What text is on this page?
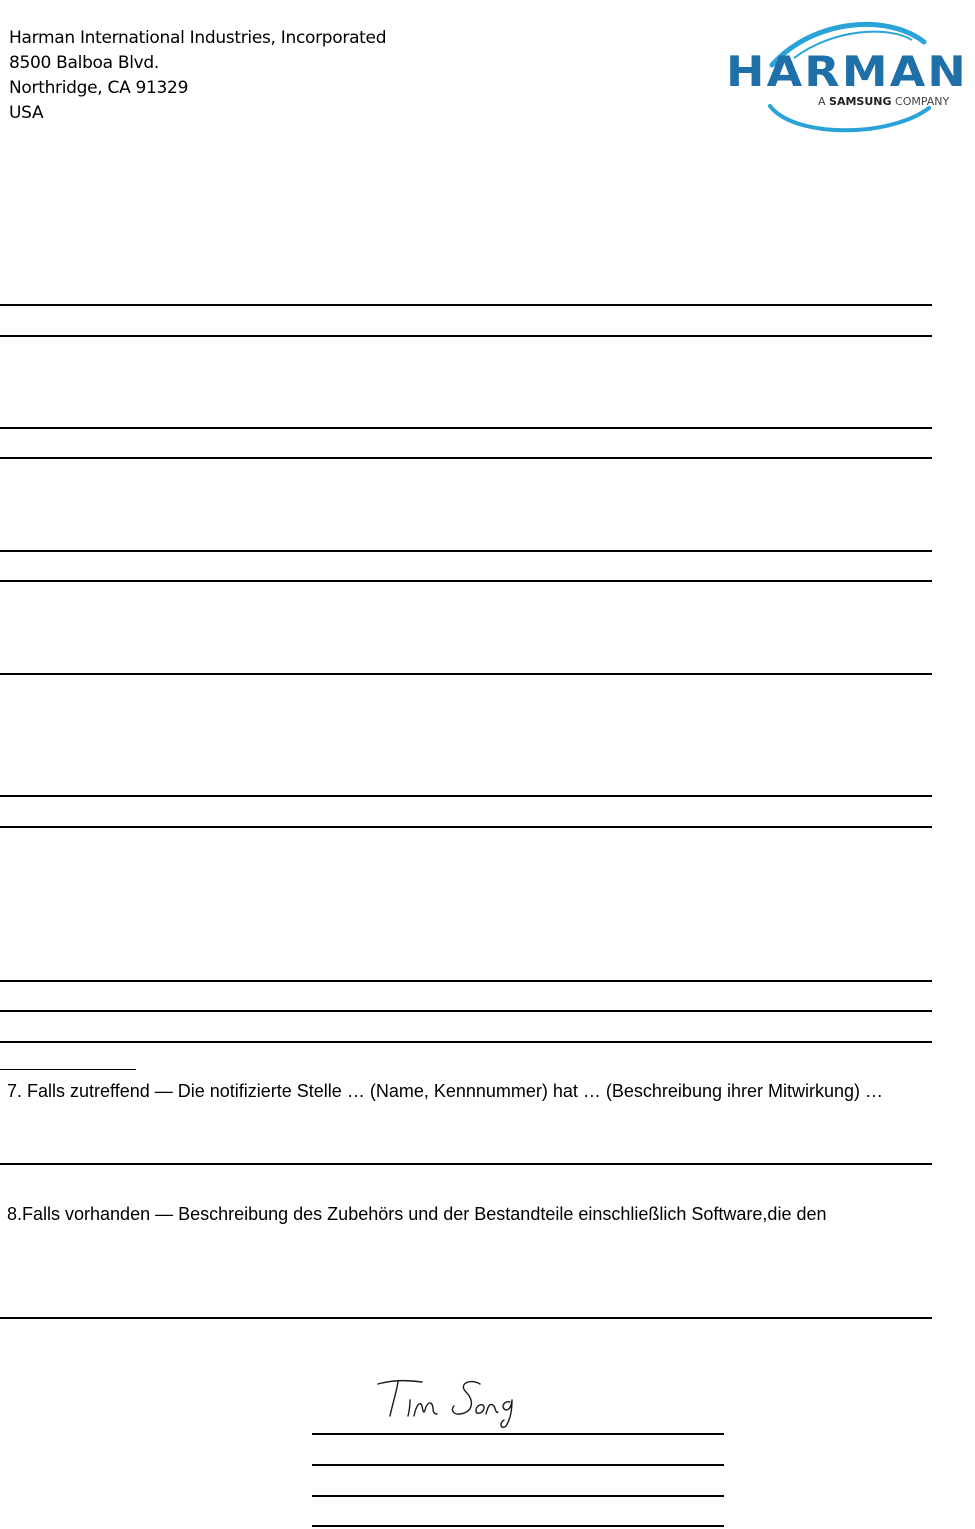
Harman International Industries, Incorporated
8500 Balboa Blvd.
Northridge, CA 91329
USA
HARMAN
A SAMSUNG COMPANY
7. Falls zutreffend — Die notifizierte Stelle … (Name, Kennnummer) hat … (Beschreibung ihrer Mitwirkung) …
8.Falls vorhanden — Beschreibung des Zubehörs und der Bestandteile einschließlich Software,die den
